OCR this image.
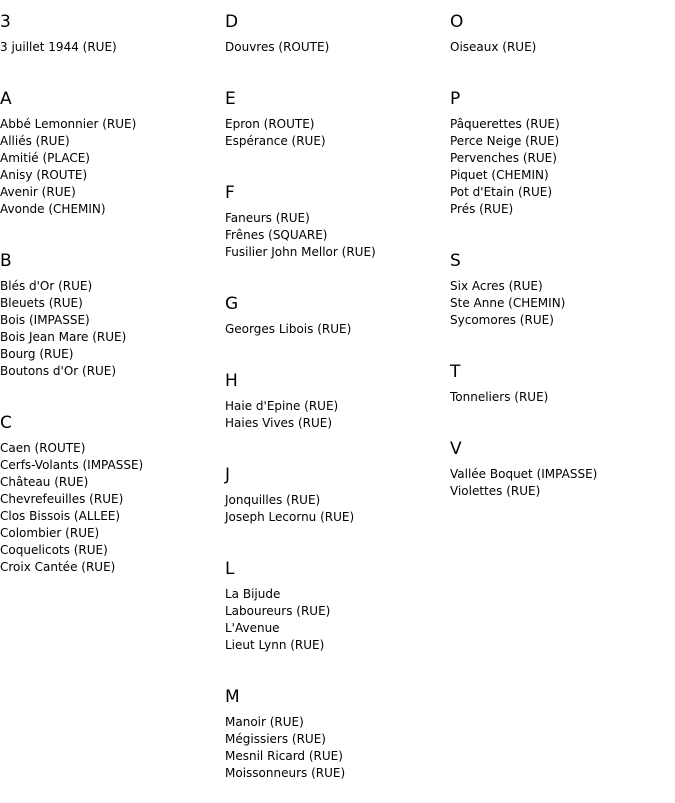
3
3 juillet 1944 (RUE)
A
Abbé Lemonnier (RUE)
Alliés (RUE)
Amitié (PLACE)
Anisy (ROUTE)
Avenir (RUE)
Avonde (CHEMIN)
B
Blés d'Or (RUE)
Bleuets (RUE)
Bois (IMPASSE)
Bois Jean Mare (RUE)
Bourg (RUE)
Boutons d'Or (RUE)
C
Caen (ROUTE)
Cerfs-Volants (IMPASSE)
Château (RUE)
Chevrefeuilles (RUE)
Clos Bissois (ALLEE)
Colombier (RUE)
Coquelicots (RUE)
Croix Cantée (RUE)
D
Douvres (ROUTE)
E
Epron (ROUTE)
Espérance (RUE)
F
Faneurs (RUE)
Frênes (SQUARE)
Fusilier John Mellor (RUE)
G
Georges Libois (RUE)
H
Haie d'Epine (RUE)
Haies Vives (RUE)
J
Jonquilles (RUE)
Joseph Lecornu (RUE)
L
La Bijude
Laboureurs (RUE)
L'Avenue
Lieut Lynn (RUE)
M
Manoir (RUE)
Mégissiers (RUE)
Mesnil Ricard (RUE)
Moissonneurs (RUE)
O
Oiseaux (RUE)
P
Pâquerettes (RUE)
Perce Neige (RUE)
Pervenches (RUE)
Piquet (CHEMIN)
Pot d'Etain (RUE)
Prés (RUE)
S
Six Acres (RUE)
Ste Anne (CHEMIN)
Sycomores (RUE)
T
Tonneliers (RUE)
V
Vallée Boquet (IMPASSE)
Violettes (RUE)
